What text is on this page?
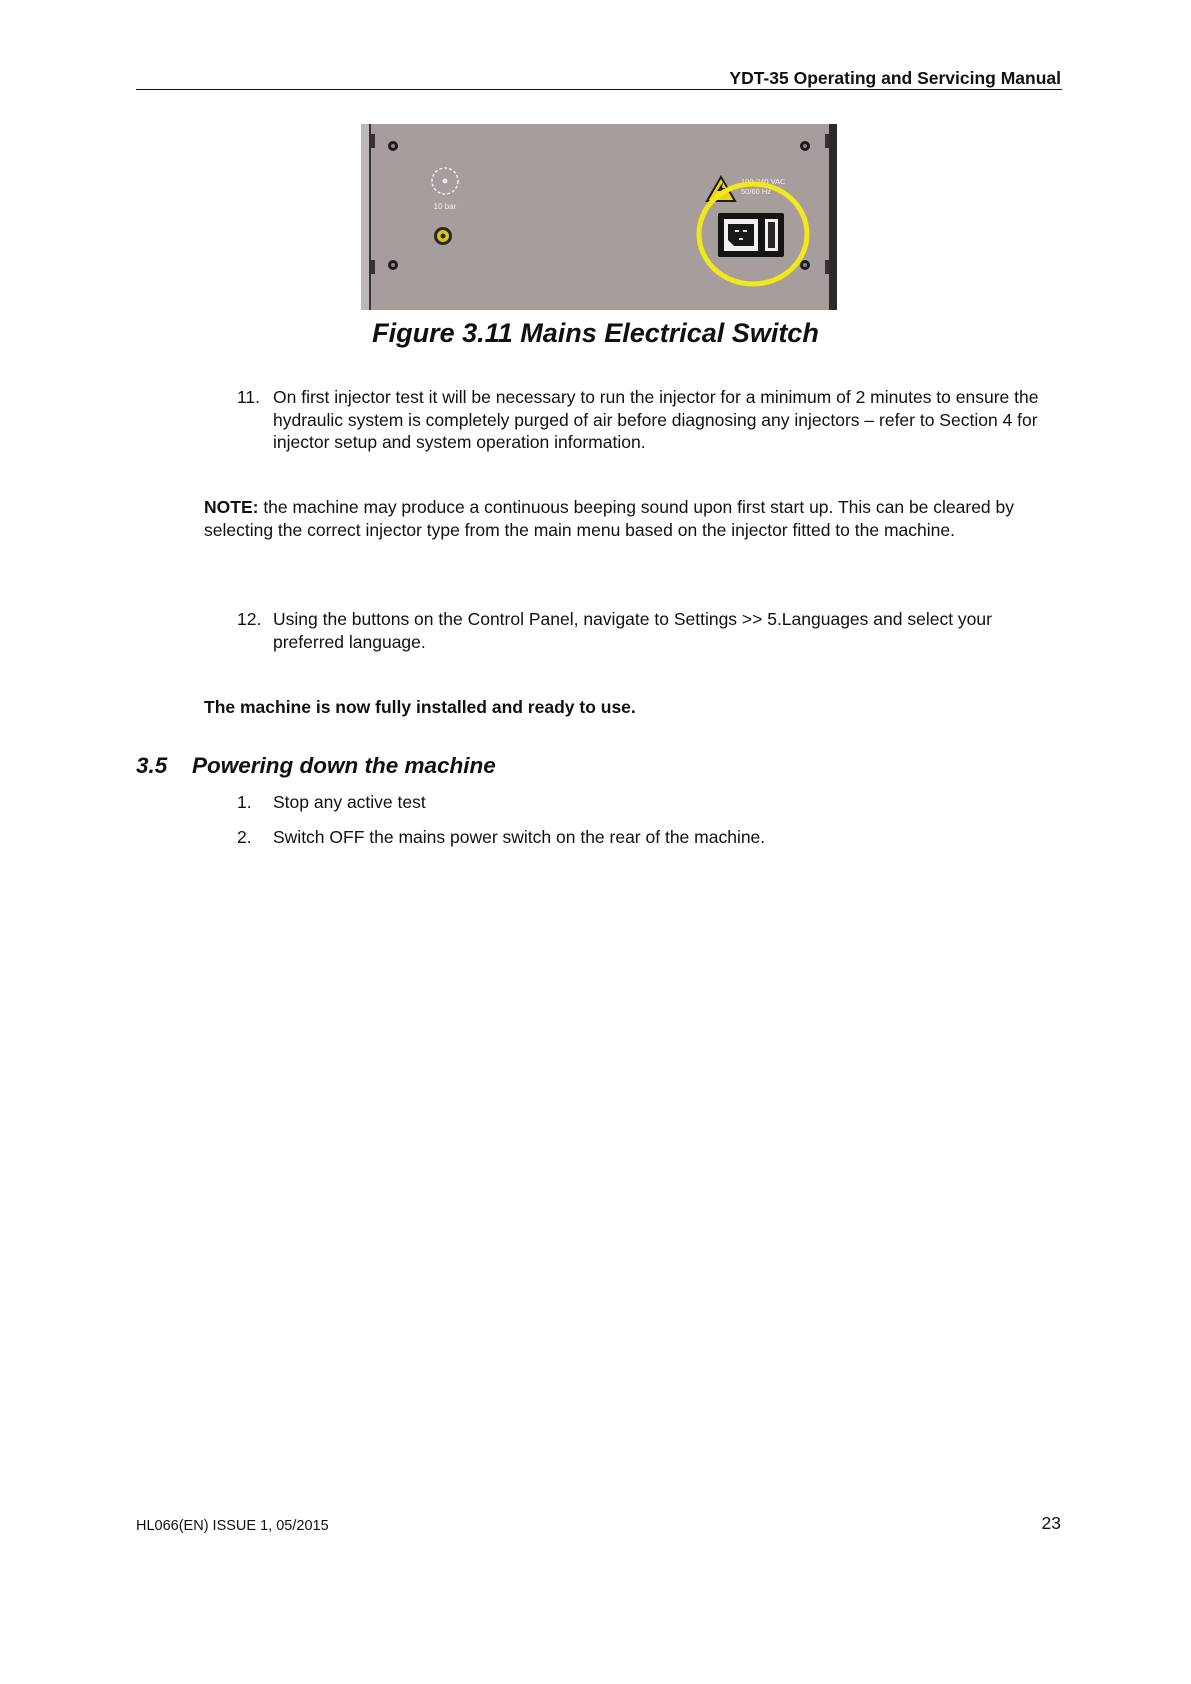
YDT-35 Operating and Servicing Manual
10 bar
100-240 VAC
50/60 Hz
Figure 3.11 Mains Electrical Switch
11. On first injector test it will be necessary to run the injector for a minimum of 2 minutes to ensure the hydraulic system is completely purged of air before diagnosing any injectors – refer to Section 4 for injector setup and system operation information.
NOTE: the machine may produce a continuous beeping sound upon first start up. This can be cleared by selecting the correct injector type from the main menu based on the injector fitted to the machine.
12. Using the buttons on the Control Panel, navigate to Settings >> 5.Languages and select your preferred language.
The machine is now fully installed and ready to use.
3.5 Powering down the machine
1. Stop any active test
2. Switch OFF the mains power switch on the rear of the machine.
HL066(EN) ISSUE 1, 05/2015	23
